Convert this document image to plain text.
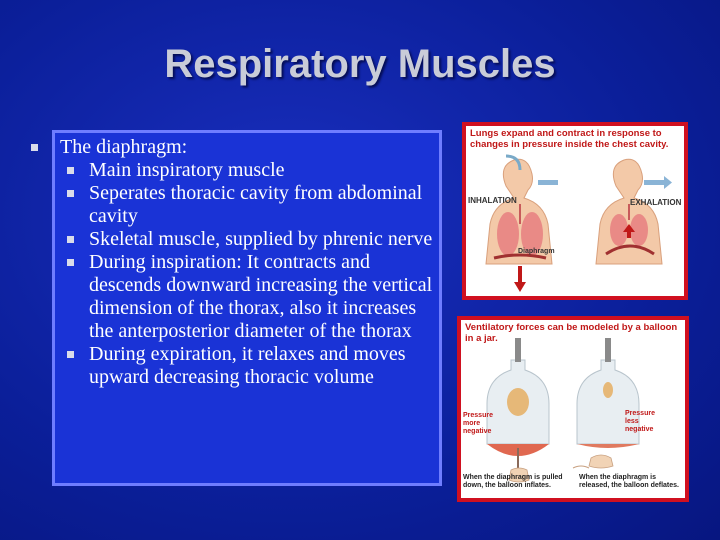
Respiratory Muscles
The diaphragm:
Main inspiratory muscle
Seperates thoracic cavity from abdominal cavity
Skeletal muscle, supplied by phrenic nerve
During inspiration: It contracts and descends downward increasing the vertical dimension of the thorax, also it increases the anterposterior diameter of the thorax
During expiration, it relaxes and moves upward decreasing thoracic volume
Lungs expand and contract in response to changes in pressure inside the chest cavity.
INHALATION	EXHALATION
Diaphragm
Ventilatory forces can be modeled by a balloon in a jar.
Pressure more negative
Pressure less negative
When the diaphragm is pulled down, the balloon inflates.
When the diaphragm is released, the balloon deflates.
